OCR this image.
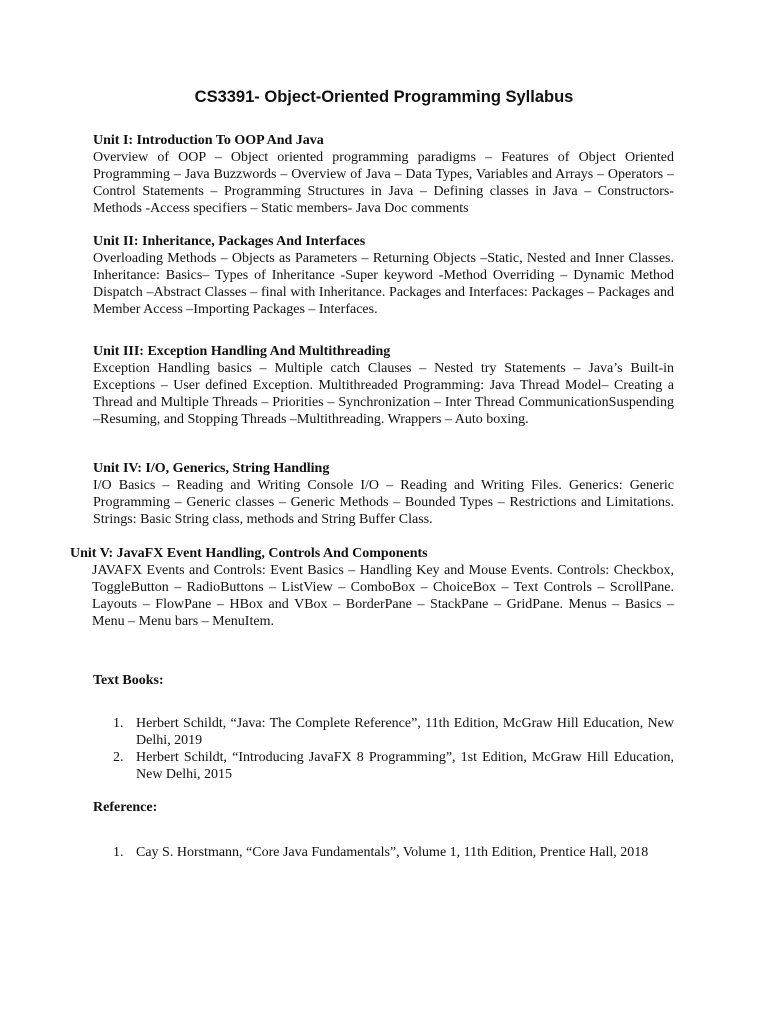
CS3391- Object-Oriented Programming Syllabus

Unit I: Introduction To OOP And Java

Overview of OOP – Object oriented programming paradigms – Features of Object Oriented Programming – Java Buzzwords – Overview of Java – Data Types, Variables and Arrays – Operators – Control Statements – Programming Structures in Java – Defining classes in Java – Constructors-Methods -Access specifiers – Static members- Java Doc comments

Unit II: Inheritance, Packages And Interfaces

Overloading Methods – Objects as Parameters – Returning Objects –Static, Nested and Inner Classes. Inheritance: Basics– Types of Inheritance -Super keyword -Method Overriding – Dynamic Method Dispatch –Abstract Classes – final with Inheritance. Packages and Interfaces: Packages – Packages and Member Access –Importing Packages – Interfaces.

Unit III: Exception Handling And Multithreading

Exception Handling basics – Multiple catch Clauses – Nested try Statements – Java’s Built-in Exceptions – User defined Exception. Multithreaded Programming: Java Thread Model– Creating a Thread and Multiple Threads – Priorities – Synchronization – Inter Thread CommunicationSuspending –Resuming, and Stopping Threads –Multithreading. Wrappers – Auto boxing.

Unit IV: I/O, Generics, String Handling

I/O Basics – Reading and Writing Console I/O – Reading and Writing Files. Generics: Generic Programming – Generic classes – Generic Methods – Bounded Types – Restrictions and Limitations. Strings: Basic String class, methods and String Buffer Class.

Unit V: JavaFX Event Handling, Controls And Components

JAVAFX Events and Controls: Event Basics – Handling Key and Mouse Events. Controls: Checkbox, ToggleButton – RadioButtons – ListView – ComboBox – ChoiceBox – Text Controls – ScrollPane. Layouts – FlowPane – HBox and VBox – BorderPane – StackPane – GridPane. Menus – Basics – Menu – Menu bars – MenuItem.

Text Books:
1. Herbert Schildt, “Java: The Complete Reference”, 11th Edition, McGraw Hill Education, New Delhi, 2019
2. Herbert Schildt, “Introducing JavaFX 8 Programming”, 1st Edition, McGraw Hill Education, New Delhi, 2015
Reference:
1. Cay S. Horstmann, “Core Java Fundamentals”, Volume 1, 11th Edition, Prentice Hall, 2018
